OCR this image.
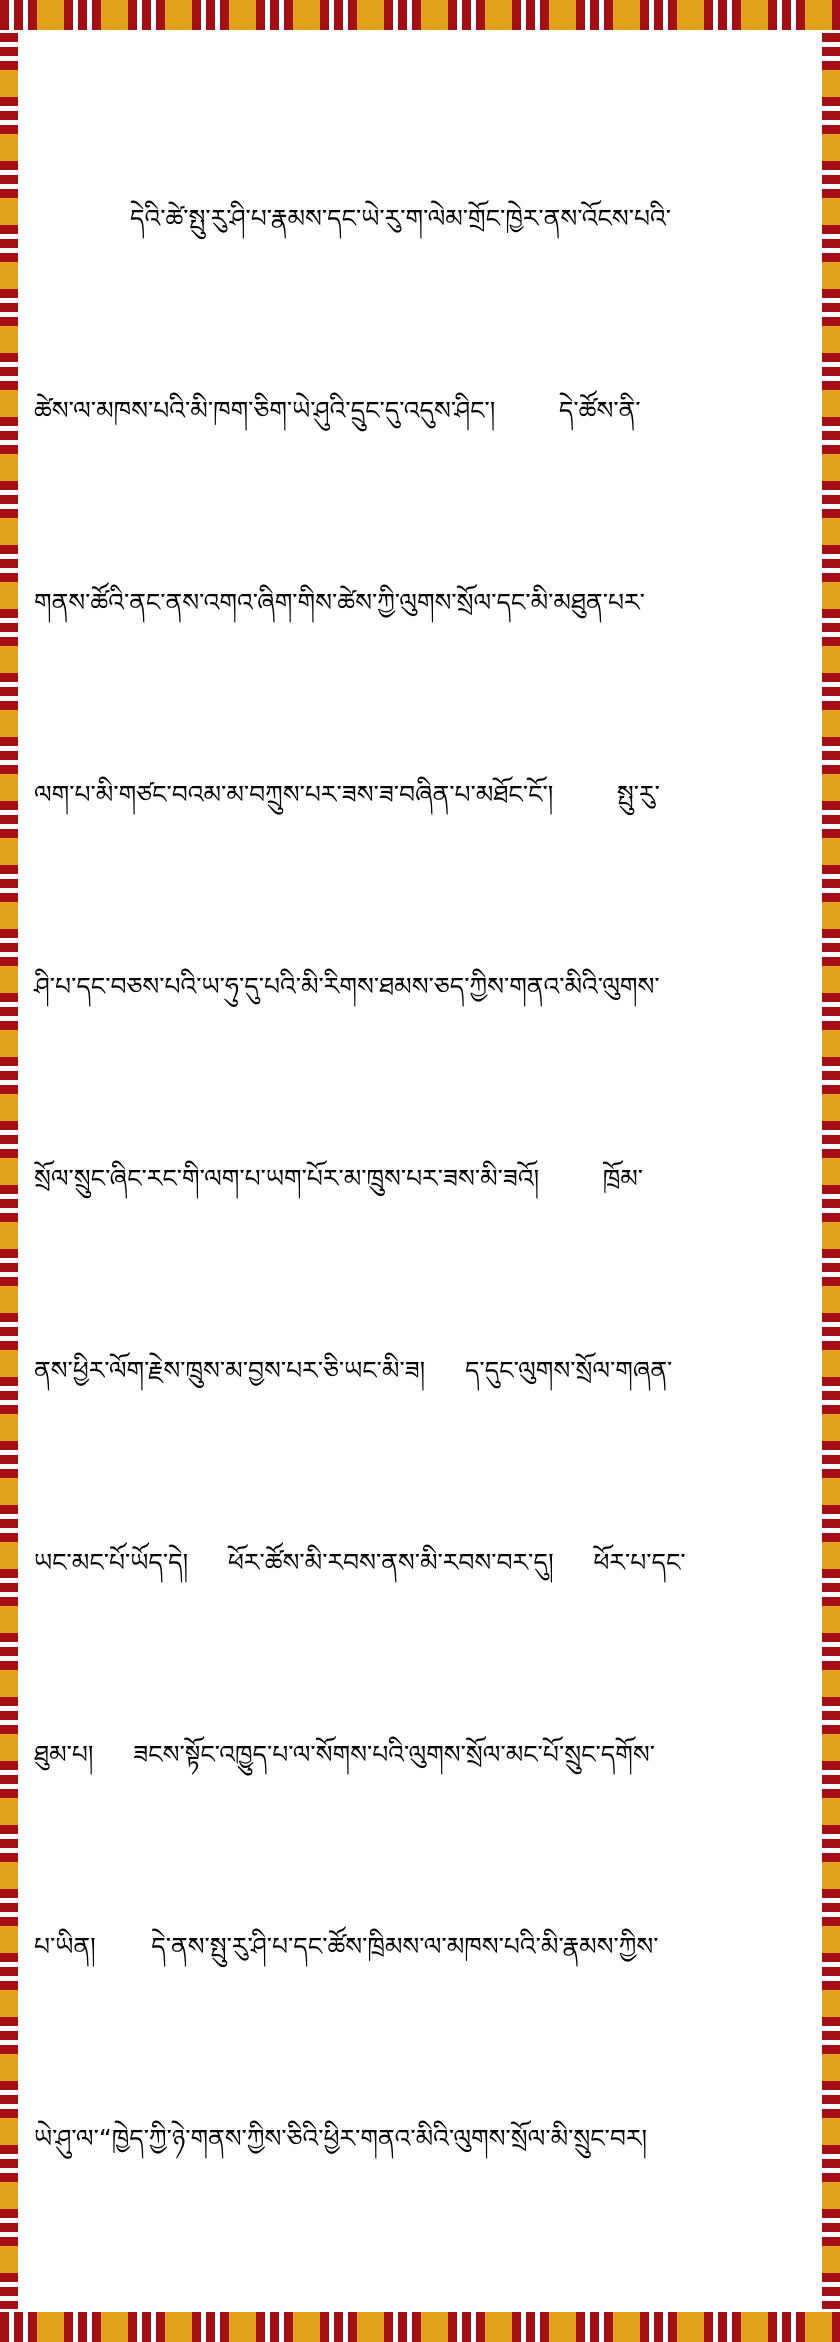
དེའི་ཚེ་སྤུ་རུ་ཤི་པ་རྣམས་དང་ཡེ་རུ་ག་ལེམ་གྲོང་ཁྱེར་ནས་འོངས་པའི་

ཚེས་ལ་མཁས་པའི་མི་ཁག་ཅིག་ཡེ་ཤུའི་དྲུང་དུ་འདུས་ཤིང་།        དེ་ཚོས་ནི་

གནས་ཚོའི་ནང་ནས་འགའ་ཞིག་གིས་ཚེས་ཀྱི་ལུགས་སྲོལ་དང་མི་མཐུན་པར་

ལག་པ་མི་གཙང་བའམ་མ་བཀྲུས་པར་ཟས་ཟ་བཞིན་པ་མཐོང་ངོ་།        སྤུ་རུ་

ཤི་པ་དང་བཅས་པའི་ཡ་ཧུ་དུ་པའི་མི་རིགས་ཐམས་ཅད་ཀྱིས་གནའ་མིའི་ལུགས་

སྲོལ་སྲུང་ཞིང་རང་གི་ལག་པ་ཡག་པོར་མ་ཁྲུས་པར་ཟས་མི་ཟའོ།        ཁྲོམ་

ནས་ཕྱིར་ལོག་རྗེས་ཁྲུས་མ་བྱས་པར་ཅི་ཡང་མི་ཟ།     ད་དུང་ལུགས་སྲོལ་གཞན་

ཡང་མང་པོ་ཡོད་དེ།     ཕོར་ཚོས་མི་རབས་ནས་མི་རབས་བར་དུ།     ཕོར་པ་དང་

ཐུམ་པ།     ཟངས་སྟོང་འཁྱུད་པ་ལ་སོགས་པའི་ལུགས་སྲོལ་མང་པོ་སྲུང་དགོས་

པ་ཡིན།       དེ་ནས་སྤུ་རུ་ཤི་པ་དང་ཚོས་ཁྲིམས་ལ་མཁས་པའི་མི་རྣམས་ཀྱིས་

ཡེ་ཤུ་ལ་“ཁྱེད་ཀྱི་ཉེ་གནས་ཀྱིས་ཅིའི་ཕྱིར་གནའ་མིའི་ལུགས་སྲོལ་མི་སྲུང་བར།
